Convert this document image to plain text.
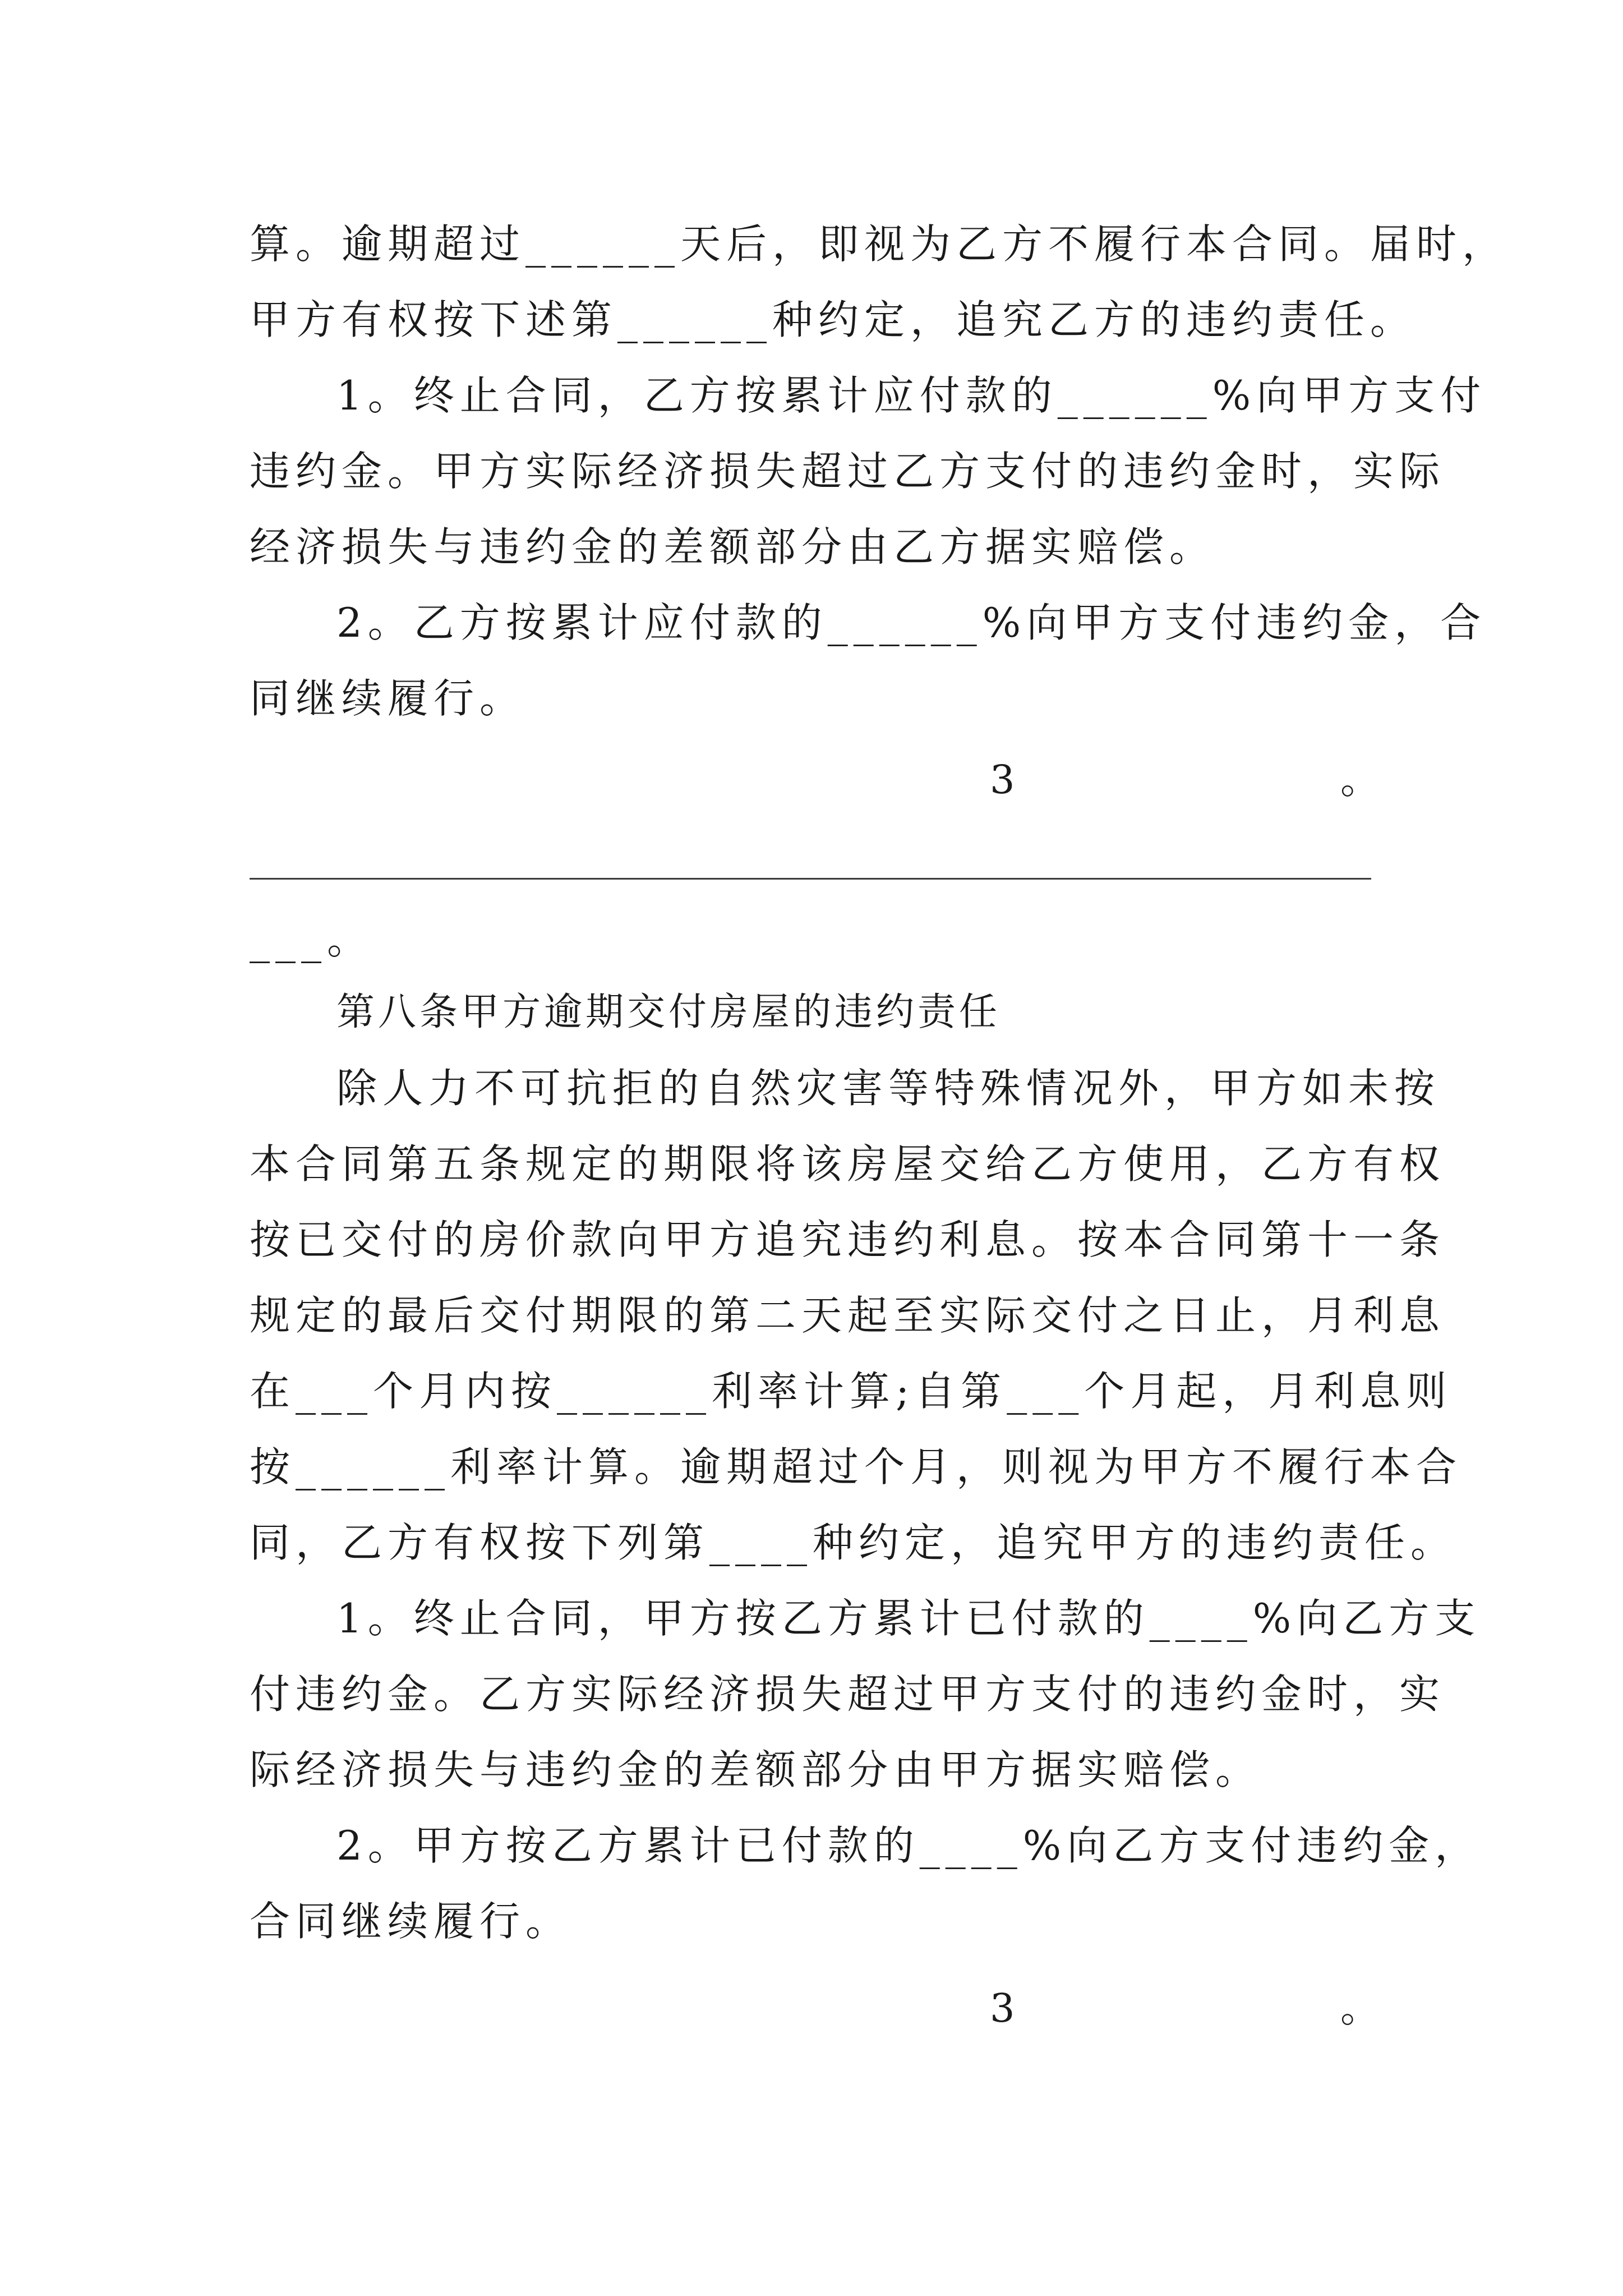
算。逾期超过______天后，即视为乙方不履行本合同。届时，
甲方有权按下述第______种约定，追究乙方的违约责任。
1。终止合同，乙方按累计应付款的______%向甲方支付
违约金。甲方实际经济损失超过乙方支付的违约金时，实际
经济损失与违约金的差额部分由乙方据实赔偿。
2。乙方按累计应付款的______%向甲方支付违约金，合
同继续履行。
3	。
___。
第八条甲方逾期交付房屋的违约责任
除人力不可抗拒的自然灾害等特殊情况外，甲方如未按
本合同第五条规定的期限将该房屋交给乙方使用，乙方有权
按已交付的房价款向甲方追究违约利息。按本合同第十一条
规定的最后交付期限的第二天起至实际交付之日止，月利息
在___个月内按______利率计算;自第___个月起，月利息则
按______利率计算。逾期超过个月，则视为甲方不履行本合
同，乙方有权按下列第____种约定，追究甲方的违约责任。
1。终止合同，甲方按乙方累计已付款的____%向乙方支
付违约金。乙方实际经济损失超过甲方支付的违约金时，实
际经济损失与违约金的差额部分由甲方据实赔偿。
2。甲方按乙方累计已付款的____%向乙方支付违约金，
合同继续履行。
3	。
